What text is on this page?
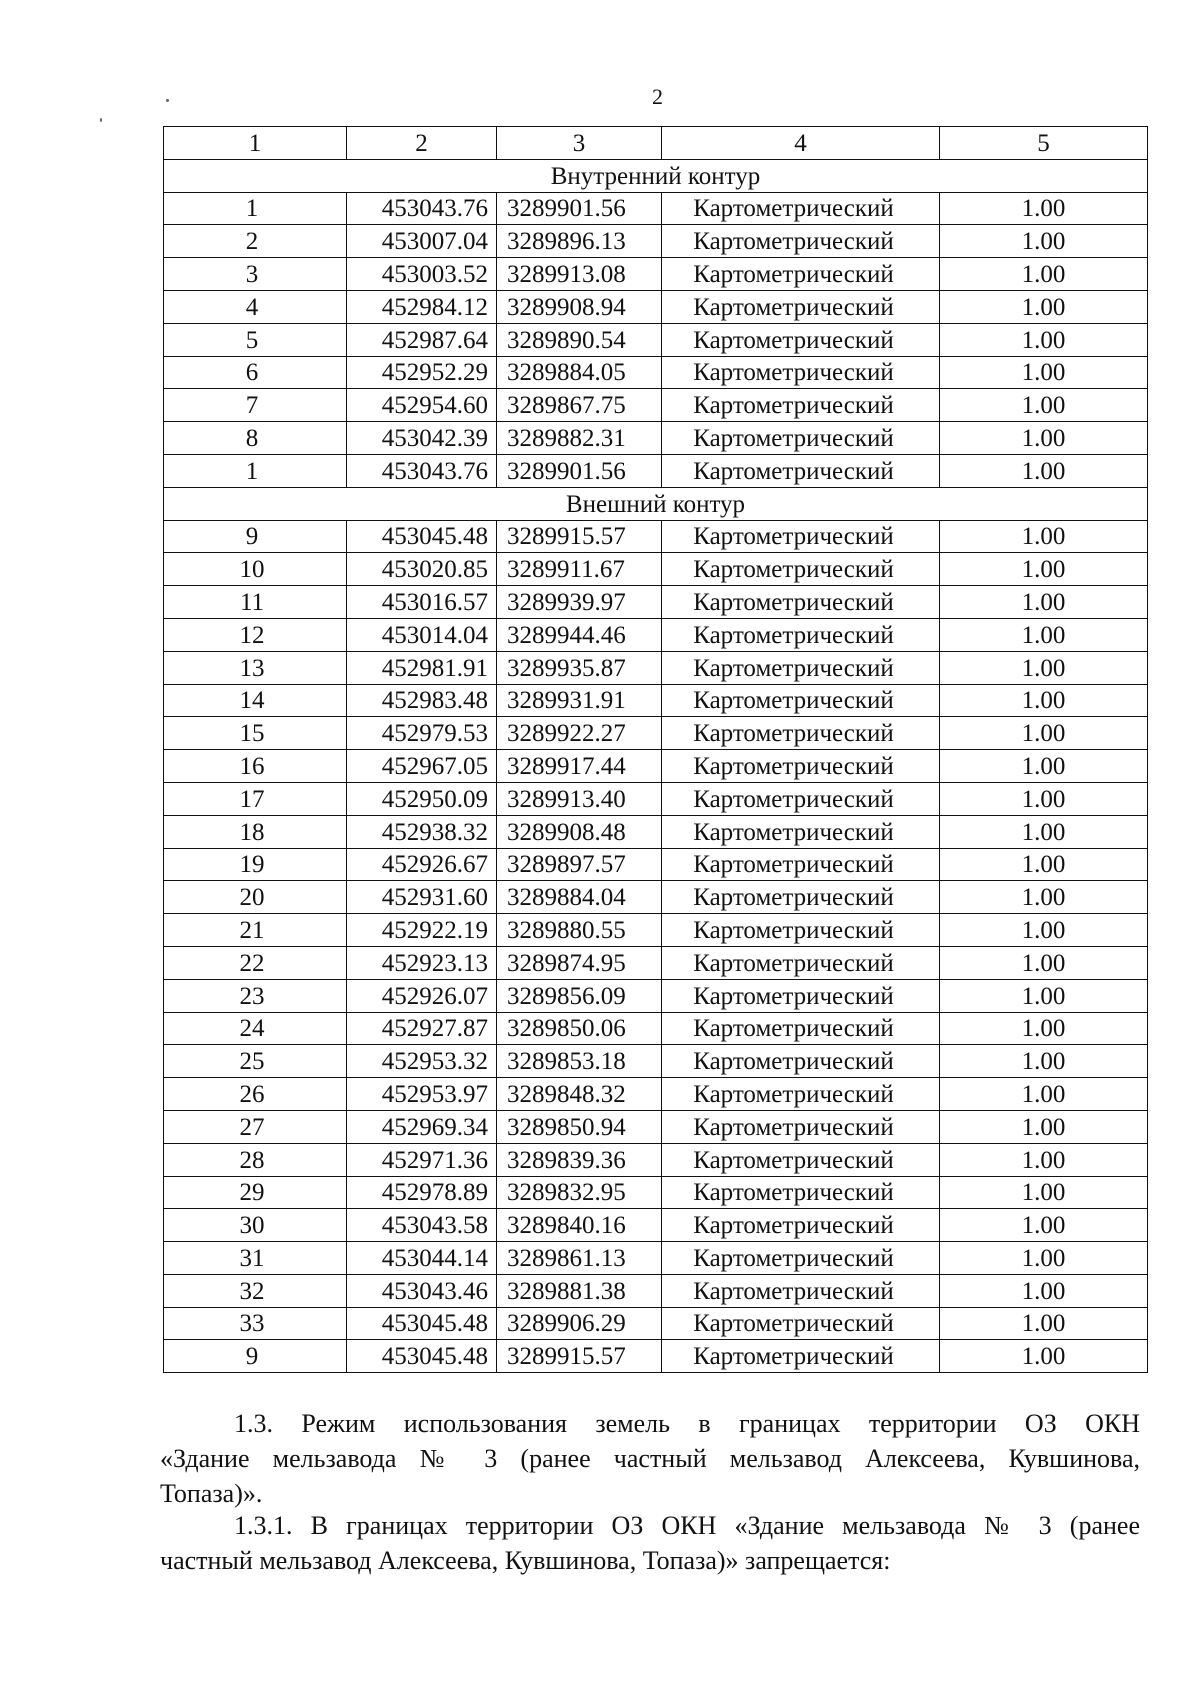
2
1	2	3	4	5
Внутренний контур				
1	453043.76	3289901.56	Картометрический	1.00
2	453007.04	3289896.13	Картометрический	1.00
3	453003.52	3289913.08	Картометрический	1.00
4	452984.12	3289908.94	Картометрический	1.00
5	452987.64	3289890.54	Картометрический	1.00
6	452952.29	3289884.05	Картометрический	1.00
7	452954.60	3289867.75	Картометрический	1.00
8	453042.39	3289882.31	Картометрический	1.00
1	453043.76	3289901.56	Картометрический	1.00
Внешний контур				
9	453045.48	3289915.57	Картометрический	1.00
10	453020.85	3289911.67	Картометрический	1.00
11	453016.57	3289939.97	Картометрический	1.00
12	453014.04	3289944.46	Картометрический	1.00
13	452981.91	3289935.87	Картометрический	1.00
14	452983.48	3289931.91	Картометрический	1.00
15	452979.53	3289922.27	Картометрический	1.00
16	452967.05	3289917.44	Картометрический	1.00
17	452950.09	3289913.40	Картометрический	1.00
18	452938.32	3289908.48	Картометрический	1.00
19	452926.67	3289897.57	Картометрический	1.00
20	452931.60	3289884.04	Картометрический	1.00
21	452922.19	3289880.55	Картометрический	1.00
22	452923.13	3289874.95	Картометрический	1.00
23	452926.07	3289856.09	Картометрический	1.00
24	452927.87	3289850.06	Картометрический	1.00
25	452953.32	3289853.18	Картометрический	1.00
26	452953.97	3289848.32	Картометрический	1.00
27	452969.34	3289850.94	Картометрический	1.00
28	452971.36	3289839.36	Картометрический	1.00
29	452978.89	3289832.95	Картометрический	1.00
30	453043.58	3289840.16	Картометрический	1.00
31	453044.14	3289861.13	Картометрический	1.00
32	453043.46	3289881.38	Картометрический	1.00
33	453045.48	3289906.29	Картометрический	1.00
9	453045.48	3289915.57	Картометрический	1.00
1.3. Режим использования земель в границах территории ОЗ ОКН
«Здание мельзавода № 3 (ранее частный мельзавод Алексеева, Кувшинова,
Топаза)».
1.3.1. В границах территории ОЗ ОКН «Здание мельзавода № 3 (ранее
частный мельзавод Алексеева, Кувшинова, Топаза)» запрещается:
